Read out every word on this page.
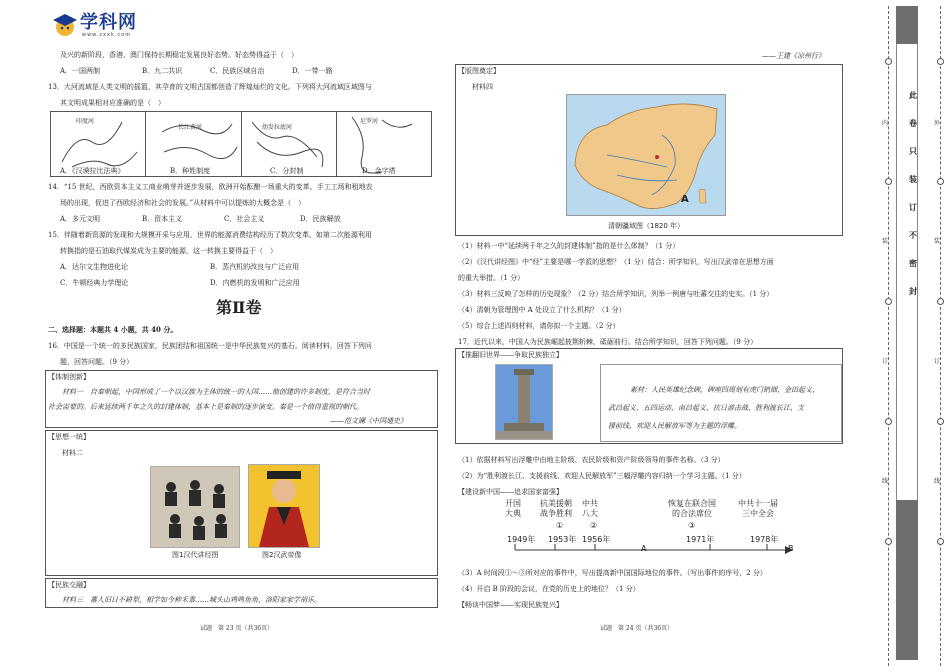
学科网
www.zxxk.com
及兴的新阶段，香港、澳门保持长期稳定发展良好态势。好态势得益于（　）
A．一国两制	B．九二共识	C．民族区域自治	D．一带一路
13．大河流域是人类文明的摇篮，其孕育的文明古国都创造了辉煌灿烂的文化。下列将大河流域区域图与
其文明成果相对应准确的是（　）
印度河
长江黄河	幼发拉底河
尼罗河
A．《汉谟拉比法典》	B．种姓制度	C．分封制	D．金字塔
14．“15 世纪，西欧资本主义工商业萌芽并逐步发展，欧洲开始酝酿一场重大的变革。手工工场和租地农
场的出现，促进了西欧经济和社会的发展。”从材料中可以提炼的大概念是（　）
A．多元文明	B．资本主义	C．社会主义	D．民族解放
15．伴随着新资源的发现和大规模开采与应用，世界的能源消费结构经历了数次变革。如第二次能源利用
转换指的是石油取代煤炭成为主要的能源，这一转换主要得益于（　）
A．达尔文生物进化论	B．蒸汽机的改良与广泛应用
C．牛顿经典力学理论	D．内燃机的发明和广泛应用
第Ⅱ卷
二、选择题：本题共 4 小题，共 40 分。
16．中国是一个统一的多民族国家，民族团结和祖国统一是中华民族复兴的基石。阅读材料，回答下列问
题，回答问题。（9 分）
【体制创新】
材料一　自秦朝起，中国形成了一个以汉族为主体的统一的大国……他创建的许多制度，是符合当时
社会需要的。后来延续两千年之久的封建体制，基本上是秦制的逐步演变。秦是一个值得重视的朝代。
——范文澜《中国通史》
【思想一统】
材料二
图1汉代讲经图	图2汉武帝像
【民族交融】
材料三　蕃人旧日不耕犁，相学如今种禾黍……城头山鸡鸣角角，洛阳家家学胡乐。
试题　第 23 页（共36页）
——王建《凉州行》
【版图奠定】
材料四
A
清朝疆域图（1820 年）
（1）材料一中“延续两千年之久的封建体制”指的是什么体制？（1 分）
（2）《汉代讲经图》中“经”主要是哪一学派的思想？（1 分）结合：所学知识，写出汉武帝在思想方面
的重大举措。（1 分）
（3）材料三反映了怎样的历史现象？（2 分）结合所学知识，列举一例唐与吐蕃交往的史实。（1 分）
（4）清朝为管理图中 A 处设立了什么机构？（1 分）
（5）综合上述四则材料，请你拟一个主题。（2 分）
17．近代以来，中国人为民族崛起披荆斩棘，砥砺前行。结合所学知识，回答下列问题。（9 分）
【推翻旧世界——争取民族独立】
素材：人民英雄纪念碑，碑座四周刻有虎门销烟、金田起义、
武昌起义、五四运动、南昌起义、抗日游击战、胜利渡长江、支
援前线、欢迎人民解放军等为主题的浮雕。
（1）依据材料写出浮雕中由地主阶级、农民阶级和资产阶级领导的事件名称。（3 分）
（2）为“胜利渡长江、支援前线、欢迎人民解放军”三幅浮雕内容归纳一个学习主题。（1 分）
【建设新中国——追求国家富强】
开国
大典
抗美援朝
战争胜利
中共
八大
恢复在联合国
的合法席位
中共十一届
三中全会
①	②	③
1949年 1953年 1956年	1971年	1978年
A	B
（3）A 时间段①～③所对应的事件中，写出提高新中国国际地位的事件。（写出事件的序号，2 分）
（4）开启 B 阶段的会议，在党的历史上的地位？（1 分）
【畅谈中国梦——实现民族复兴】
试题　第 24 页（共36页）
此
卷
只
装
订
不
密
封
内	外
装
订
线
装
订
线
